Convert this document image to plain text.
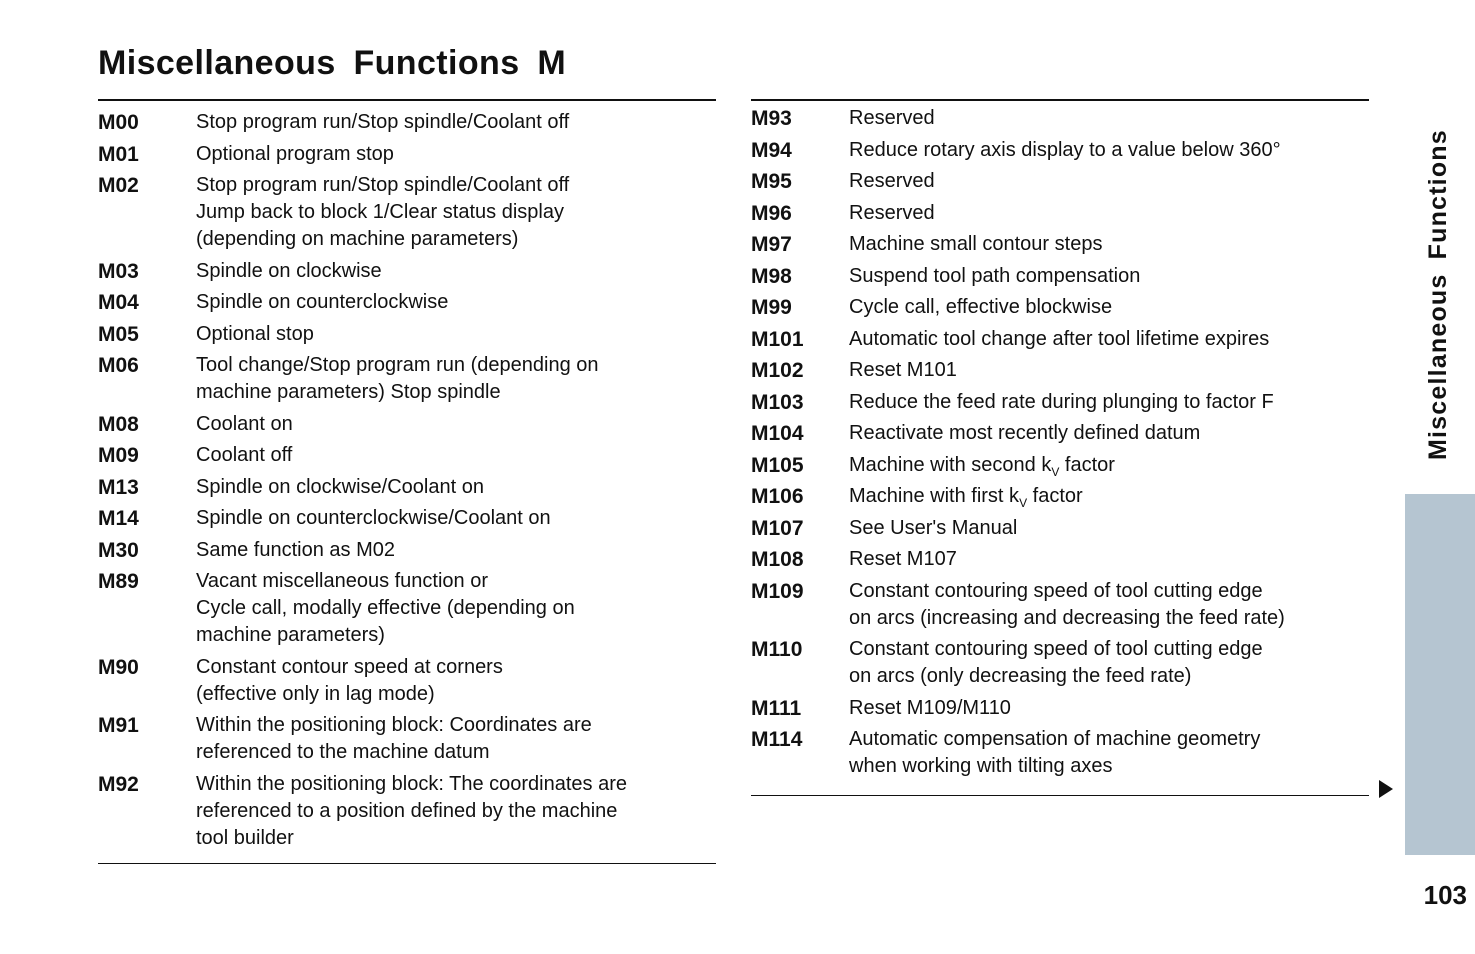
Miscellaneous Functions M
M00	Stop program run/Stop spindle/Coolant off
M01	Optional program stop
M02	Stop program run/Stop spindle/Coolant off
Jump back to block 1/Clear status display
(depending on machine parameters)
M03	Spindle on clockwise
M04	Spindle on counterclockwise
M05	Optional stop
M06	Tool change/Stop program run (depending on
machine parameters) Stop spindle
M08	Coolant on
M09	Coolant off
M13	Spindle on clockwise/Coolant on
M14	Spindle on counterclockwise/Coolant on
M30	Same function as M02
M89	Vacant miscellaneous function or
Cycle call, modally effective (depending on
machine parameters)
M90	Constant contour speed at corners
(effective only in lag mode)
M91	Within the positioning block: Coordinates are
referenced to the machine datum
M92	Within the positioning block: The coordinates are
referenced to a position defined by the machine
tool builder
M93	Reserved
M94	Reduce rotary axis display to a value below 360°
M95	Reserved
M96	Reserved
M97	Machine small contour steps
M98	Suspend tool path compensation
M99	Cycle call, effective blockwise
M101	Automatic tool change after tool lifetime expires
M102	Reset M101
M103	Reduce the feed rate during plunging to factor F
M104	Reactivate most recently defined datum
M105	Machine with second $k_V$ factor
M106	Machine with first $k_V$ factor
M107	See User's Manual
M108	Reset M107
M109	Constant contouring speed of tool cutting edge
on arcs (increasing and decreasing the feed rate)
M110	Constant contouring speed of tool cutting edge
on arcs (only decreasing the feed rate)
M111	Reset M109/M110
M114	Automatic compensation of machine geometry
when working with tilting axes
Miscellaneous Functions
103
